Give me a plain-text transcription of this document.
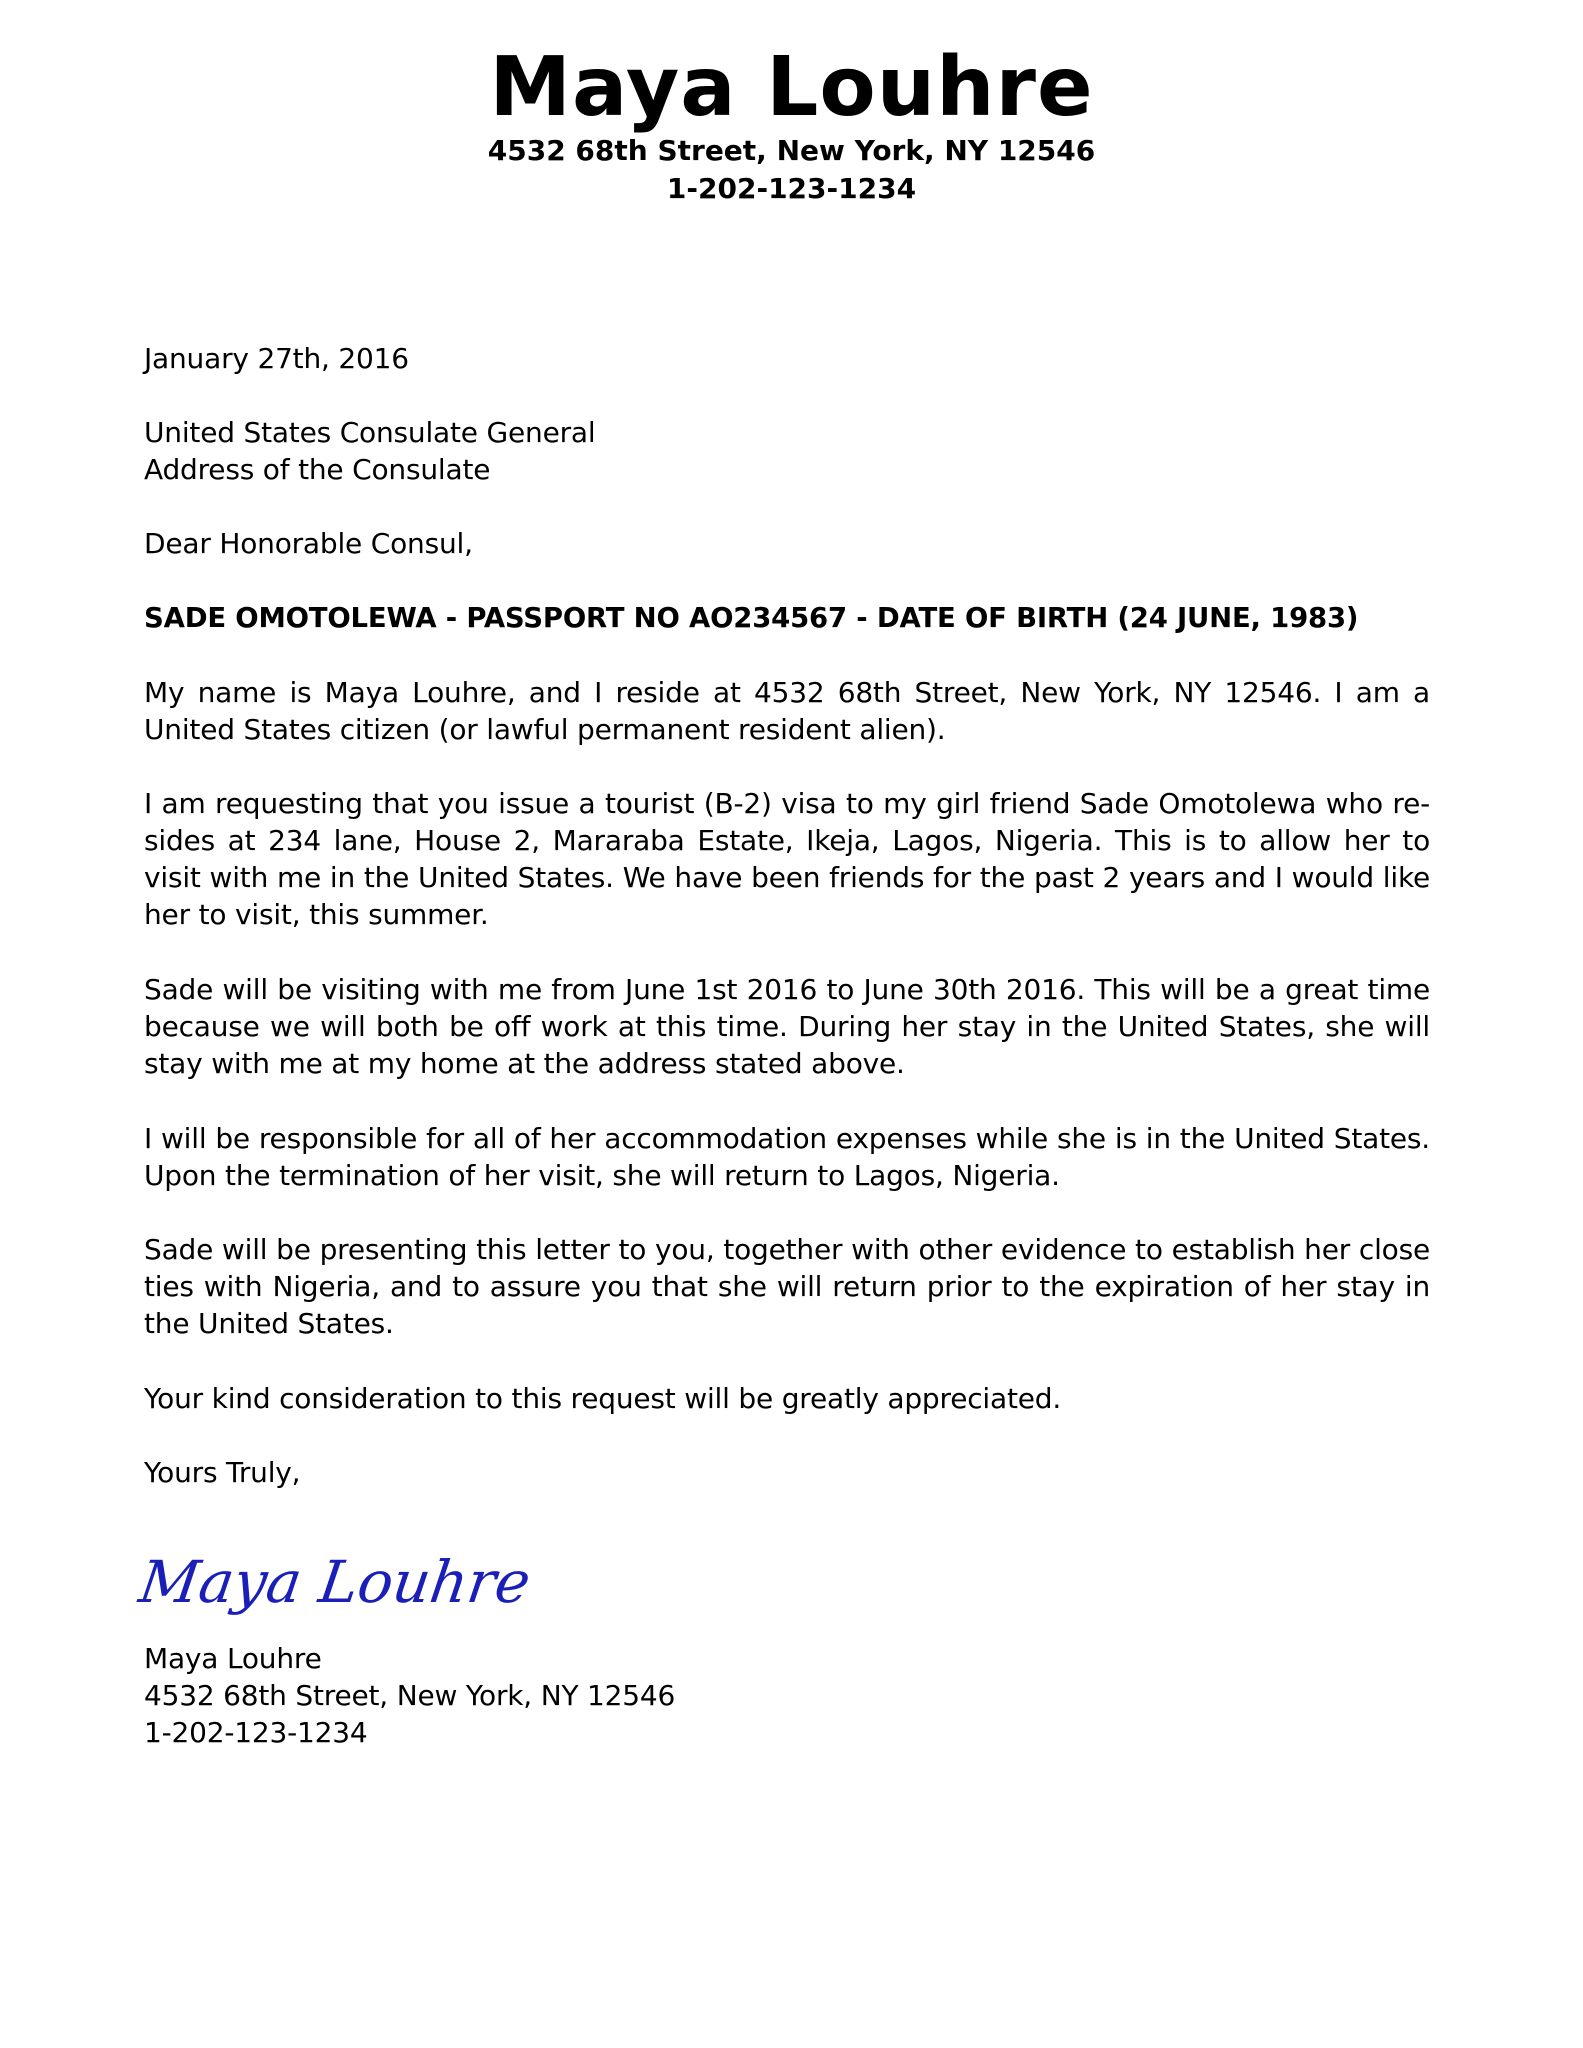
Maya Louhre

4532 68th Street, New York, NY 12546

1-202-123-1234

January 27th, 2016

United States Consulate General

Address of the Consulate

Dear Honorable Consul,

SADE OMOTOLEWA - PASSPORT NO AO234567 - DATE OF BIRTH (24 JUNE, 1983)

My name is Maya Louhre, and I reside at 4532 68th Street, New York, NY 12546. I am a United States citizen (or lawful permanent resident alien).

I am requesting that you issue a tourist (B-2) visa to my girl friend Sade Omotolewa who re-sides at 234 lane, House 2, Mararaba Estate, Ikeja, Lagos, Nigeria. This is to allow her to visit with me in the United States. We have been friends for the past 2 years and I would like her to visit, this summer.

Sade will be visiting with me from June 1st 2016 to June 30th 2016. This will be a great time because we will both be off work at this time. During her stay in the United States, she will stay with me at my home at the address stated above.

I will be responsible for all of her accommodation expenses while she is in the United States. Upon the termination of her visit, she will return to Lagos, Nigeria.

Sade will be presenting this letter to you, together with other evidence to establish her close ties with Nigeria, and to assure you that she will return prior to the expiration of her stay in the United States.

Your kind consideration to this request will be greatly appreciated.

Yours Truly,

Maya Louhre

Maya Louhre

4532 68th Street, New York, NY 12546

1-202-123-1234
